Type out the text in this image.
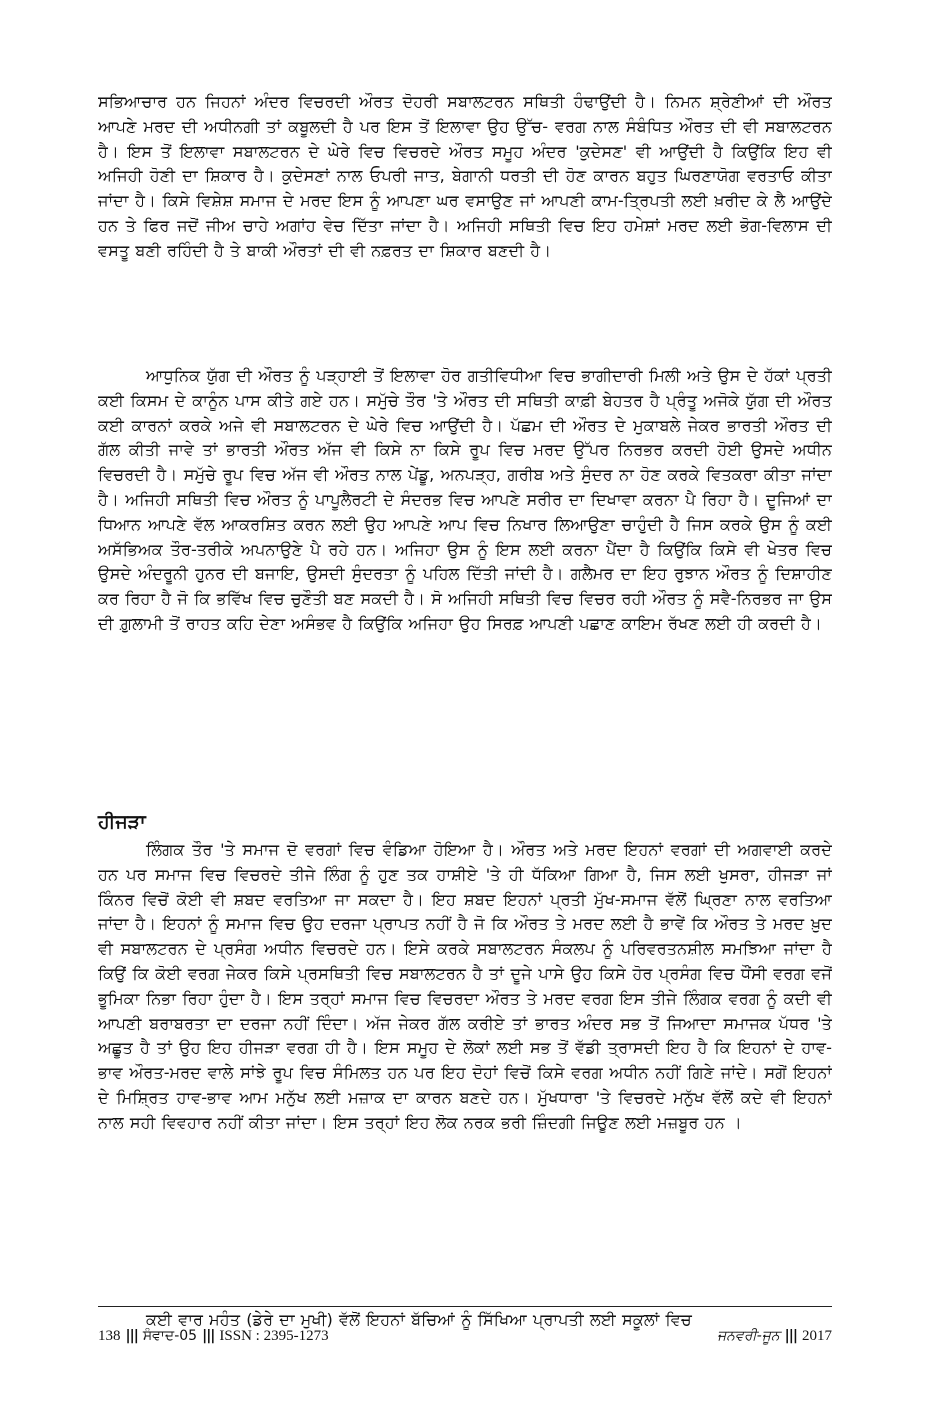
ਸਭਿਆਚਾਰ ਹਨ ਜਿਹਨਾਂ ਅੰਦਰ ਵਿਚਰਦੀ ਔਰਤ ਦੋਹਰੀ ਸਬਾਲਟਰਨ ਸਥਿਤੀ ਹੰਢਾਉਂਦੀ ਹੈ। ਨਿਮਨ ਸ਼੍ਰੇਣੀਆਂ ਦੀ ਔਰਤ ਆਪਣੇ ਮਰਦ ਦੀ ਅਧੀਨਗੀ ਤਾਂ ਕਬੂਲਦੀ ਹੈ ਪਰ ਇਸ ਤੋਂ ਇਲਾਵਾ ਉਹ ਉੱਚ- ਵਰਗ ਨਾਲ ਸੰਬੰਧਿਤ ਔਰਤ ਦੀ ਵੀ ਸਬਾਲਟਰਨ ਹੈ। ਇਸ ਤੋਂ ਇਲਾਵਾ ਸਬਾਲਟਰਨ ਦੇ ਘੇਰੇ ਵਿਚ ਵਿਚਰਦੇ ਔਰਤ ਸਮੂਹ ਅੰਦਰ 'ਕੁਦੇਸਣ' ਵੀ ਆਉਂਦੀ ਹੈ ਕਿਉਂਕਿ ਇਹ ਵੀ ਅਜਿਹੀ ਹੋਣੀ ਦਾ ਸ਼ਿਕਾਰ ਹੈ। ਕੁਦੇਸਣਾਂ ਨਾਲ ਓਪਰੀ ਜਾਤ, ਬੇਗਾਨੀ ਧਰਤੀ ਦੀ ਹੋਣ ਕਾਰਨ ਬਹੁਤ ਘਿਰਣਾਯੋਗ ਵਰਤਾਓ ਕੀਤਾ ਜਾਂਦਾ ਹੈ। ਕਿਸੇ ਵਿਸ਼ੇਸ਼ ਸਮਾਜ ਦੇ ਮਰਦ ਇਸ ਨੂੰ ਆਪਣਾ ਘਰ ਵਸਾਉਣ ਜਾਂ ਆਪਣੀ ਕਾਮ-ਤ੍ਰਿਪਤੀ ਲਈ ਖ਼ਰੀਦ ਕੇ ਲੈ ਆਉਂਦੇ ਹਨ ਤੇ ਫਿਰ ਜਦੋਂ ਜੀਅ ਚਾਹੇ ਅਗਾਂਹ ਵੇਚ ਦਿੱਤਾ ਜਾਂਦਾ ਹੈ। ਅਜਿਹੀ ਸਥਿਤੀ ਵਿਚ ਇਹ ਹਮੇਸ਼ਾਂ ਮਰਦ ਲਈ ਭੋਗ-ਵਿਲਾਸ ਦੀ ਵਸਤੂ ਬਣੀ ਰਹਿੰਦੀ ਹੈ ਤੇ ਬਾਕੀ ਔਰਤਾਂ ਦੀ ਵੀ ਨਫ਼ਰਤ ਦਾ ਸ਼ਿਕਾਰ ਬਣਦੀ ਹੈ।

ਆਧੁਨਿਕ ਯੁੱਗ ਦੀ ਔਰਤ ਨੂੰ ਪੜ੍ਹਾਈ ਤੋਂ ਇਲਾਵਾ ਹੋਰ ਗਤੀਵਿਧੀਆ ਵਿਚ ਭਾਗੀਦਾਰੀ ਮਿਲੀ ਅਤੇ ਉਸ ਦੇ ਹੱਕਾਂ ਪ੍ਰਤੀ ਕਈ ਕਿਸਮ ਦੇ ਕਾਨੂੰਨ ਪਾਸ ਕੀਤੇ ਗਏ ਹਨ। ਸਮੁੱਚੇ ਤੌਰ 'ਤੇ ਔਰਤ ਦੀ ਸਥਿਤੀ ਕਾਫ਼ੀ ਬੇਹਤਰ ਹੈ ਪ੍ਰੰਤੂ ਅਜੋਕੇ ਯੁੱਗ ਦੀ ਔਰਤ ਕਈ ਕਾਰਨਾਂ ਕਰਕੇ ਅਜੇ ਵੀ ਸਬਾਲਟਰਨ ਦੇ ਘੇਰੇ ਵਿਚ ਆਉਂਦੀ ਹੈ। ਪੱਛਮ ਦੀ ਔਰਤ ਦੇ ਮੁਕਾਬਲੇ ਜੇਕਰ ਭਾਰਤੀ ਔਰਤ ਦੀ ਗੱਲ ਕੀਤੀ ਜਾਵੇ ਤਾਂ ਭਾਰਤੀ ਔਰਤ ਅੱਜ ਵੀ ਕਿਸੇ ਨਾ ਕਿਸੇ ਰੂਪ ਵਿਚ ਮਰਦ ਉੱਪਰ ਨਿਰਭਰ ਕਰਦੀ ਹੋਈ ਉਸਦੇ ਅਧੀਨ ਵਿਚਰਦੀ ਹੈ। ਸਮੁੱਚੇ ਰੂਪ ਵਿਚ ਅੱਜ ਵੀ ਔਰਤ ਨਾਲ ਪੇਂਡੂ, ਅਨਪੜ੍ਹ, ਗਰੀਬ ਅਤੇ ਸੁੰਦਰ ਨਾ ਹੋਣ ਕਰਕੇ ਵਿਤਕਰਾ ਕੀਤਾ ਜਾਂਦਾ ਹੈ। ਅਜਿਹੀ ਸਥਿਤੀ ਵਿਚ ਔਰਤ ਨੂੰ ਪਾਪੂਲੈਰਟੀ ਦੇ ਸੰਦਰਭ ਵਿਚ ਆਪਣੇ ਸਰੀਰ ਦਾ ਦਿਖਾਵਾ ਕਰਨਾ ਪੈ ਰਿਹਾ ਹੈ। ਦੂਜਿਆਂ ਦਾ ਧਿਆਨ ਆਪਣੇ ਵੱਲ ਆਕਰਸ਼ਿਤ ਕਰਨ ਲਈ ਉਹ ਆਪਣੇ ਆਪ ਵਿਚ ਨਿਖਾਰ ਲਿਆਉਣਾ ਚਾਹੁੰਦੀ ਹੈ ਜਿਸ ਕਰਕੇ ਉਸ ਨੂੰ ਕਈ ਅਸੱਭਿਅਕ ਤੌਰ-ਤਰੀਕੇ ਅਪਨਾਉਣੇ ਪੈ ਰਹੇ ਹਨ। ਅਜਿਹਾ ਉਸ ਨੂੰ ਇਸ ਲਈ ਕਰਨਾ ਪੈਂਦਾ ਹੈ ਕਿਉਂਕਿ ਕਿਸੇ ਵੀ ਖੇਤਰ ਵਿਚ ਉਸਦੇ ਅੰਦਰੂਨੀ ਹੁਨਰ ਦੀ ਬਜਾਇ, ਉਸਦੀ ਸੁੰਦਰਤਾ ਨੂੰ ਪਹਿਲ ਦਿੱਤੀ ਜਾਂਦੀ ਹੈ। ਗਲੈਮਰ ਦਾ ਇਹ ਰੁਝਾਨ ਔਰਤ ਨੂੰ ਦਿਸ਼ਾਹੀਣ ਕਰ ਰਿਹਾ ਹੈ ਜੋ ਕਿ ਭਵਿੱਖ ਵਿਚ ਚੁਣੌਤੀ ਬਣ ਸਕਦੀ ਹੈ। ਸੋ ਅਜਿਹੀ ਸਥਿਤੀ ਵਿਚ ਵਿਚਰ ਰਹੀ ਔਰਤ ਨੂੰ ਸਵੈ-ਨਿਰਭਰ ਜਾ ਉਸ ਦੀ ਗ਼ੁਲਾਮੀ ਤੋਂ ਰਾਹਤ ਕਹਿ ਦੇਣਾ ਅਸੰਭਵ ਹੈ ਕਿਉਂਕਿ ਅਜਿਹਾ ਉਹ ਸਿਰਫ਼ ਆਪਣੀ ਪਛਾਣ ਕਾਇਮ ਰੱਖਣ ਲਈ ਹੀ ਕਰਦੀ ਹੈ।

ਹੀਜੜਾ

ਲਿੰਗਕ ਤੌਰ 'ਤੇ ਸਮਾਜ ਦੋ ਵਰਗਾਂ ਵਿਚ ਵੰਡਿਆ ਹੋਇਆ ਹੈ। ਔਰਤ ਅਤੇ ਮਰਦ ਇਹਨਾਂ ਵਰਗਾਂ ਦੀ ਅਗਵਾਈ ਕਰਦੇ ਹਨ ਪਰ ਸਮਾਜ ਵਿਚ ਵਿਚਰਦੇ ਤੀਜੇ ਲਿੰਗ ਨੂੰ ਹੁਣ ਤਕ ਹਾਸ਼ੀਏ 'ਤੇ ਹੀ ਧੱਕਿਆ ਗਿਆ ਹੈ, ਜਿਸ ਲਈ ਖੁਸਰਾ, ਹੀਜੜਾ ਜਾਂ ਕਿੰਨਰ ਵਿਚੋਂ ਕੋਈ ਵੀ ਸ਼ਬਦ ਵਰਤਿਆ ਜਾ ਸਕਦਾ ਹੈ। ਇਹ ਸ਼ਬਦ ਇਹਨਾਂ ਪ੍ਰਤੀ ਮੁੱਖ-ਸਮਾਜ ਵੱਲੋਂ ਘ੍ਰਿਣਾ ਨਾਲ ਵਰਤਿਆ ਜਾਂਦਾ ਹੈ। ਇਹਨਾਂ ਨੂੰ ਸਮਾਜ ਵਿਚ ਉਹ ਦਰਜਾ ਪ੍ਰਾਪਤ ਨਹੀਂ ਹੈ ਜੋ ਕਿ ਔਰਤ ਤੇ ਮਰਦ ਲਈ ਹੈ ਭਾਵੇਂ ਕਿ ਔਰਤ ਤੇ ਮਰਦ ਖ਼ੁਦ ਵੀ ਸਬਾਲਟਰਨ ਦੇ ਪ੍ਰਸੰਗ ਅਧੀਨ ਵਿਚਰਦੇ ਹਨ। ਇਸੇ ਕਰਕੇ ਸਬਾਲਟਰਨ ਸੰਕਲਪ ਨੂੰ ਪਰਿਵਰਤਨਸ਼ੀਲ ਸਮਝਿਆ ਜਾਂਦਾ ਹੈ ਕਿਉਂ ਕਿ ਕੋਈ ਵਰਗ ਜੇਕਰ ਕਿਸੇ ਪ੍ਰਸਥਿਤੀ ਵਿਚ ਸਬਾਲਟਰਨ ਹੈ ਤਾਂ ਦੂਜੇ ਪਾਸੇ ਉਹ ਕਿਸੇ ਹੋਰ ਪ੍ਰਸੰਗ ਵਿਚ ਧੌਂਸੀ ਵਰਗ ਵਜੋਂ ਭੂਮਿਕਾ ਨਿਭਾ ਰਿਹਾ ਹੁੰਦਾ ਹੈ। ਇਸ ਤਰ੍ਹਾਂ ਸਮਾਜ ਵਿਚ ਵਿਚਰਦਾ ਔਰਤ ਤੇ ਮਰਦ ਵਰਗ ਇਸ ਤੀਜੇ ਲਿੰਗਕ ਵਰਗ ਨੂੰ ਕਦੀ ਵੀ ਆਪਣੀ ਬਰਾਬਰਤਾ ਦਾ ਦਰਜਾ ਨਹੀਂ ਦਿੰਦਾ। ਅੱਜ ਜੇਕਰ ਗੱਲ ਕਰੀਏ ਤਾਂ ਭਾਰਤ ਅੰਦਰ ਸਭ ਤੋਂ ਜਿਆਦਾ ਸਮਾਜਕ ਪੱਧਰ 'ਤੇ ਅਛੂਤ ਹੈ ਤਾਂ ਉਹ ਇਹ ਹੀਜੜਾ ਵਰਗ ਹੀ ਹੈ। ਇਸ ਸਮੂਹ ਦੇ ਲੋਕਾਂ ਲਈ ਸਭ ਤੋਂ ਵੱਡੀ ਤ੍ਰਾਸਦੀ ਇਹ ਹੈ ਕਿ ਇਹਨਾਂ ਦੇ ਹਾਵ-ਭਾਵ ਔਰਤ-ਮਰਦ ਵਾਲੇ ਸਾਂਝੇ ਰੂਪ ਵਿਚ ਸੰਮਿਲਤ ਹਨ ਪਰ ਇਹ ਦੋਹਾਂ ਵਿਚੋਂ ਕਿਸੇ ਵਰਗ ਅਧੀਨ ਨਹੀਂ ਗਿਣੇ ਜਾਂਦੇ। ਸਗੋਂ ਇਹਨਾਂ ਦੇ ਮਿਸ਼੍ਰਿਤ ਹਾਵ-ਭਾਵ ਆਮ ਮਨੁੱਖ ਲਈ ਮਜ਼ਾਕ ਦਾ ਕਾਰਨ ਬਣਦੇ ਹਨ। ਮੁੱਖਧਾਰਾ 'ਤੇ ਵਿਚਰਦੇ ਮਨੁੱਖ ਵੱਲੋਂ ਕਦੇ ਵੀ ਇਹਨਾਂ ਨਾਲ ਸਹੀ ਵਿਵਹਾਰ ਨਹੀਂ ਕੀਤਾ ਜਾਂਦਾ। ਇਸ ਤਰ੍ਹਾਂ ਇਹ ਲੋਕ ਨਰਕ ਭਰੀ ਜ਼ਿੰਦਗੀ ਜਿਊਣ ਲਈ ਮਜ਼ਬੂਰ ਹਨ ।

ਕਈ ਵਾਰ ਮਹੰਤ (ਡੇਰੇ ਦਾ ਮੁਖੀ) ਵੱਲੋਂ ਇਹਨਾਂ ਬੱਚਿਆਂ ਨੂੰ ਸਿੱਖਿਆ ਪ੍ਰਾਪਤੀ ਲਈ ਸਕੂਲਾਂ ਵਿਚ

138 ||| ਸੰਵਾਦ-05 ||| ISSN : 2395-1273	ਜਨਵਰੀ-ਜੂਨ ||| 2017
